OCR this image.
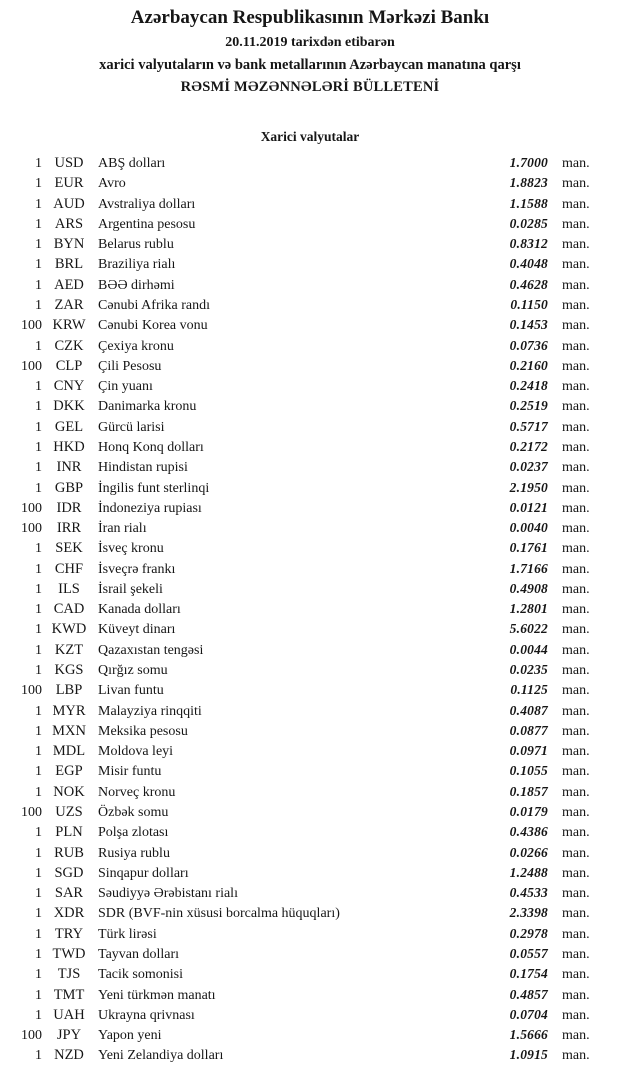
Azərbaycan Respublikasının Mərkəzi Bankı
20.11.2019 tarixdən etibarən
xarici valyutaların və bank metallarının Azərbaycan manatına qarşı
RƏSMİ MƏZƏNNƏLƏRİ BÜLLETENİ
Xarici valyutalar
1 USD	ABŞ dolları	1.7000 man.
1 EUR	Avro	1.8823 man.
1 AUD Avstraliya dolları	1.1588 man.
1 ARS	Argentina pesosu	0.0285 man.
1 BYN Belarus rublu	0.8312 man.
1 BRL	Braziliya rialı	0.4048 man.
1 AED	BƏƏ dirhəmi	0.4628 man.
1 ZAR	Cənubi Afrika randı	0.1150 man.
100 KRW Cənubi Korea vonu	0.1453 man.
1 CZK	Çexiya kronu	0.0736 man.
100 CLP	Çili Pesosu	0.2160 man.
1 CNY Çin yuanı	0.2418 man.
1 DKK Danimarka kronu	0.2519 man.
1 GEL	Gürcü larisi	0.5717 man.
1 HKD Honq Konq dolları	0.2172 man.
1	INR	Hindistan rupisi	0.0237 man.
1 GBP	İngilis funt sterlinqi	2.1950 man.
100	IDR	İndoneziya rupiası	0.0121 man.
100	IRR	İran rialı	0.0040 man.
1 SEK	İsveç kronu	0.1761 man.
1 CHF	İsveçrə frankı	1.7166 man.
1	ILS	İsrail şekeli	0.4908 man.
1 CAD Kanada dolları	1.2801 man.
1 KWD Küveyt dinarı	5.6022 man.
1 KZT	Qazaxıstan tengəsi	0.0044 man.
1 KGS	Qırğız somu	0.0235 man.
100 LBP	Livan funtu	0.1125 man.
1 MYR Malayziya rinqqiti	0.4087 man.
1 MXN Meksika pesosu	0.0877 man.
1 MDL Moldova leyi	0.0971 man.
1 EGP	Misir funtu	0.1055 man.
1 NOK Norveç kronu	0.1857 man.
100 UZS	Özbək somu	0.0179 man.
1 PLN	Polşa zlotası	0.4386 man.
1 RUB	Rusiya rublu	0.0266 man.
1 SGD	Sinqapur dolları	1.2488 man.
1 SAR	Səudiyyə Ərəbistanı rialı	0.4533 man.
1 XDR SDR (BVF-nin xüsusi borcalma hüquqları)	2.3398 man.
1 TRY	Türk lirəsi	0.2978 man.
1 TWD Tayvan dolları	0.0557 man.
1	TJS	Tacik somonisi	0.1754 man.
1 TMT Yeni türkmən manatı	0.4857 man.
1 UAH Ukrayna qrivnası	0.0704 man.
100	JPY	Yapon yeni	1.5666 man.
1 NZD	Yeni Zelandiya dolları	1.0915 man.
